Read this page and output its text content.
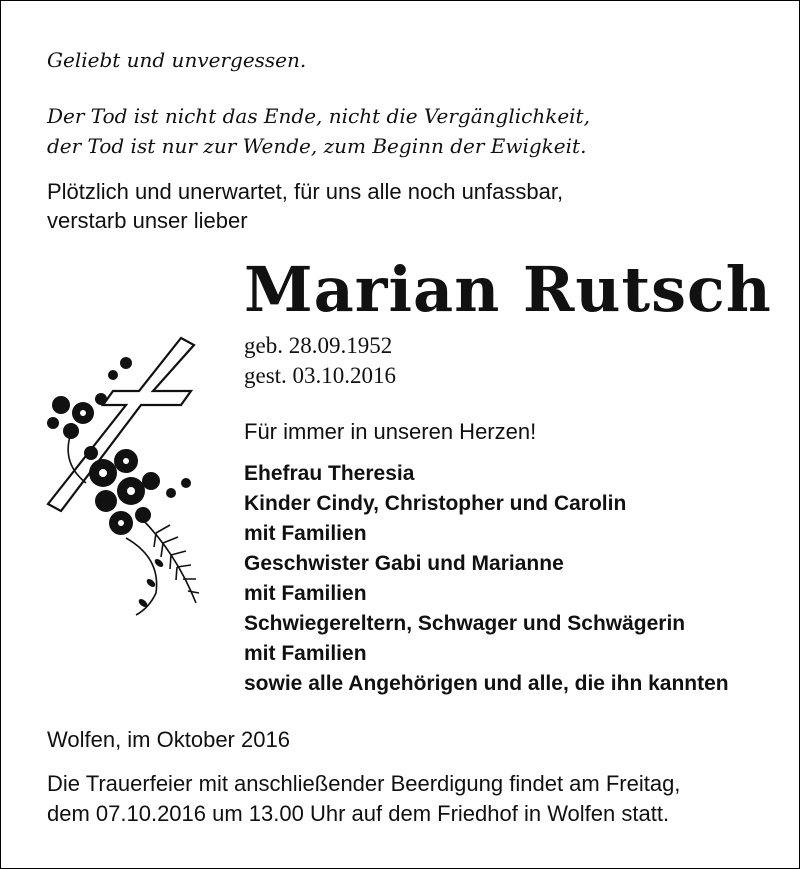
Geliebt und unvergessen.

Der Tod ist nicht das Ende, nicht die Vergänglichkeit,

der Tod ist nur zur Wende, zum Beginn der Ewigkeit.

Plötzlich und unerwartet, für uns alle noch unfassbar,

verstarb unser lieber

Marian Rutsch

geb. 28.09.1952

gest. 03.10.2016

Für immer in unseren Herzen!

Ehefrau Theresia
Kinder Cindy, Christopher und Carolin
mit Familien
Geschwister Gabi und Marianne
mit Familien
Schwiegereltern, Schwager und Schwägerin
mit Familien
sowie alle Angehörigen und alle, die ihn kannten

Wolfen, im Oktober 2016

Die Trauerfeier mit anschließender Beerdigung findet am Freitag,

dem 07.10.2016 um 13.00 Uhr auf dem Friedhof in Wolfen statt.
